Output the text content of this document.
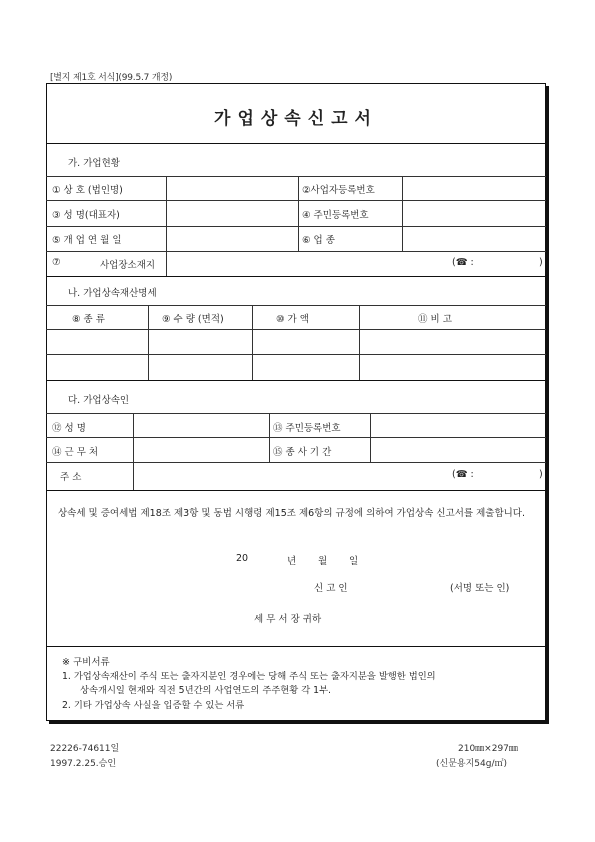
[별지 제1호 서식](99.5.7 개정)
가업상속신고서
가. 가업현황
① 상 호 (법인명)	②사업자등록번호
③ 성 명(대표자)	④ 주민등록번호
⑤ 개 업 연 월 일	⑥ 업 종
⑦	사업장소재지	(☎ :	)
나. 가업상속재산명세
⑧ 종 류	⑨ 수 량 (면적)	⑩ 가 액	⑪ 비 고
다. 가업상속인
⑫ 성 명	⑬ 주민등록번호
⑭ 근 무 처	⑮ 종 사 기 간
주 소	(☎ :	)
상속세 및 증여세법 제18조 제3항 및 동법 시행령 제15조 제6항의 규정에 의하여 가업상속 신고서를 제출합니다.
20	년 월 일
신 고 인	(서명 또는 인)
세 무 서 장 귀하
※ 구비서류
1. 가업상속재산이 주식 또는 출자지분인 경우에는 당해 주식 또는 출자지분을 발행한 법인의
상속개시일 현재와 직전 5년간의 사업연도의 주주현황 각 1부.
2. 기타 가업상속 사실을 입증할 수 있는 서류
22226-74611일
1997.2.25.승인
210㎜×297㎜
(신문용지54g/㎡)
